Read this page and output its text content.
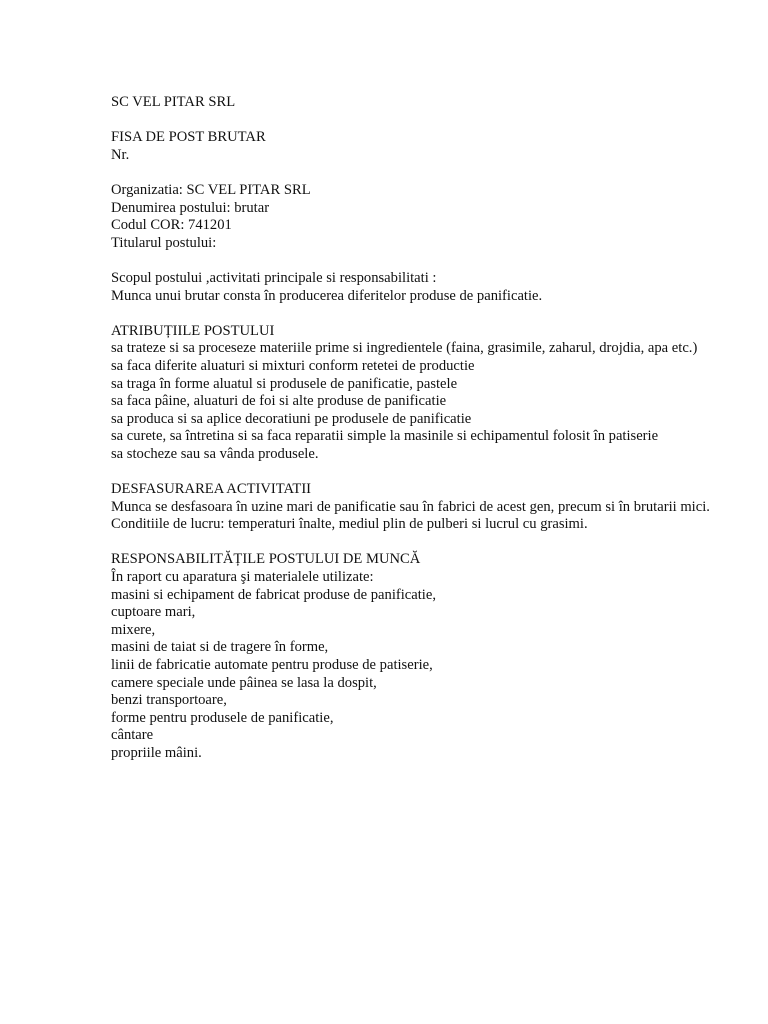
SC VEL PITAR SRL
FISA DE POST BRUTAR
Nr.
Organizatia: SC VEL PITAR SRL
Denumirea postului: brutar
Codul COR: 741201
Titularul postului:
Scopul postului ,activitati principale si responsabilitati :
Munca unui brutar consta în producerea diferitelor produse de panificatie.
ATRIBUȚIILE POSTULUI
sa trateze si sa proceseze materiile prime si ingredientele (faina, grasimile, zaharul, drojdia, apa etc.)
sa faca diferite aluaturi si mixturi conform retetei de productie
sa traga în forme aluatul si produsele de panificatie, pastele
sa faca pâine, aluaturi de foi si alte produse de panificatie
sa produca si sa aplice decoratiuni pe produsele de panificatie
sa curete, sa întretina si sa faca reparatii simple la masinile si echipamentul folosit în patiserie
sa stocheze sau sa vânda produsele.
DESFASURAREA ACTIVITATII
Munca se desfasoara în uzine mari de panificatie sau în fabrici de acest gen, precum si în brutarii mici.
Conditiile de lucru: temperaturi înalte, mediul plin de pulberi si lucrul cu grasimi.
RESPONSABILITĂȚILE POSTULUI DE MUNCĂ
În raport cu aparatura şi materialele utilizate:
masini si echipament de fabricat produse de panificatie,
cuptoare mari,
mixere,
masini de taiat si de tragere în forme,
linii de fabricatie automate pentru produse de patiserie,
camere speciale unde pâinea se lasa la dospit,
benzi transportoare,
forme pentru produsele de panificatie,
cântare
propriile mâini.
